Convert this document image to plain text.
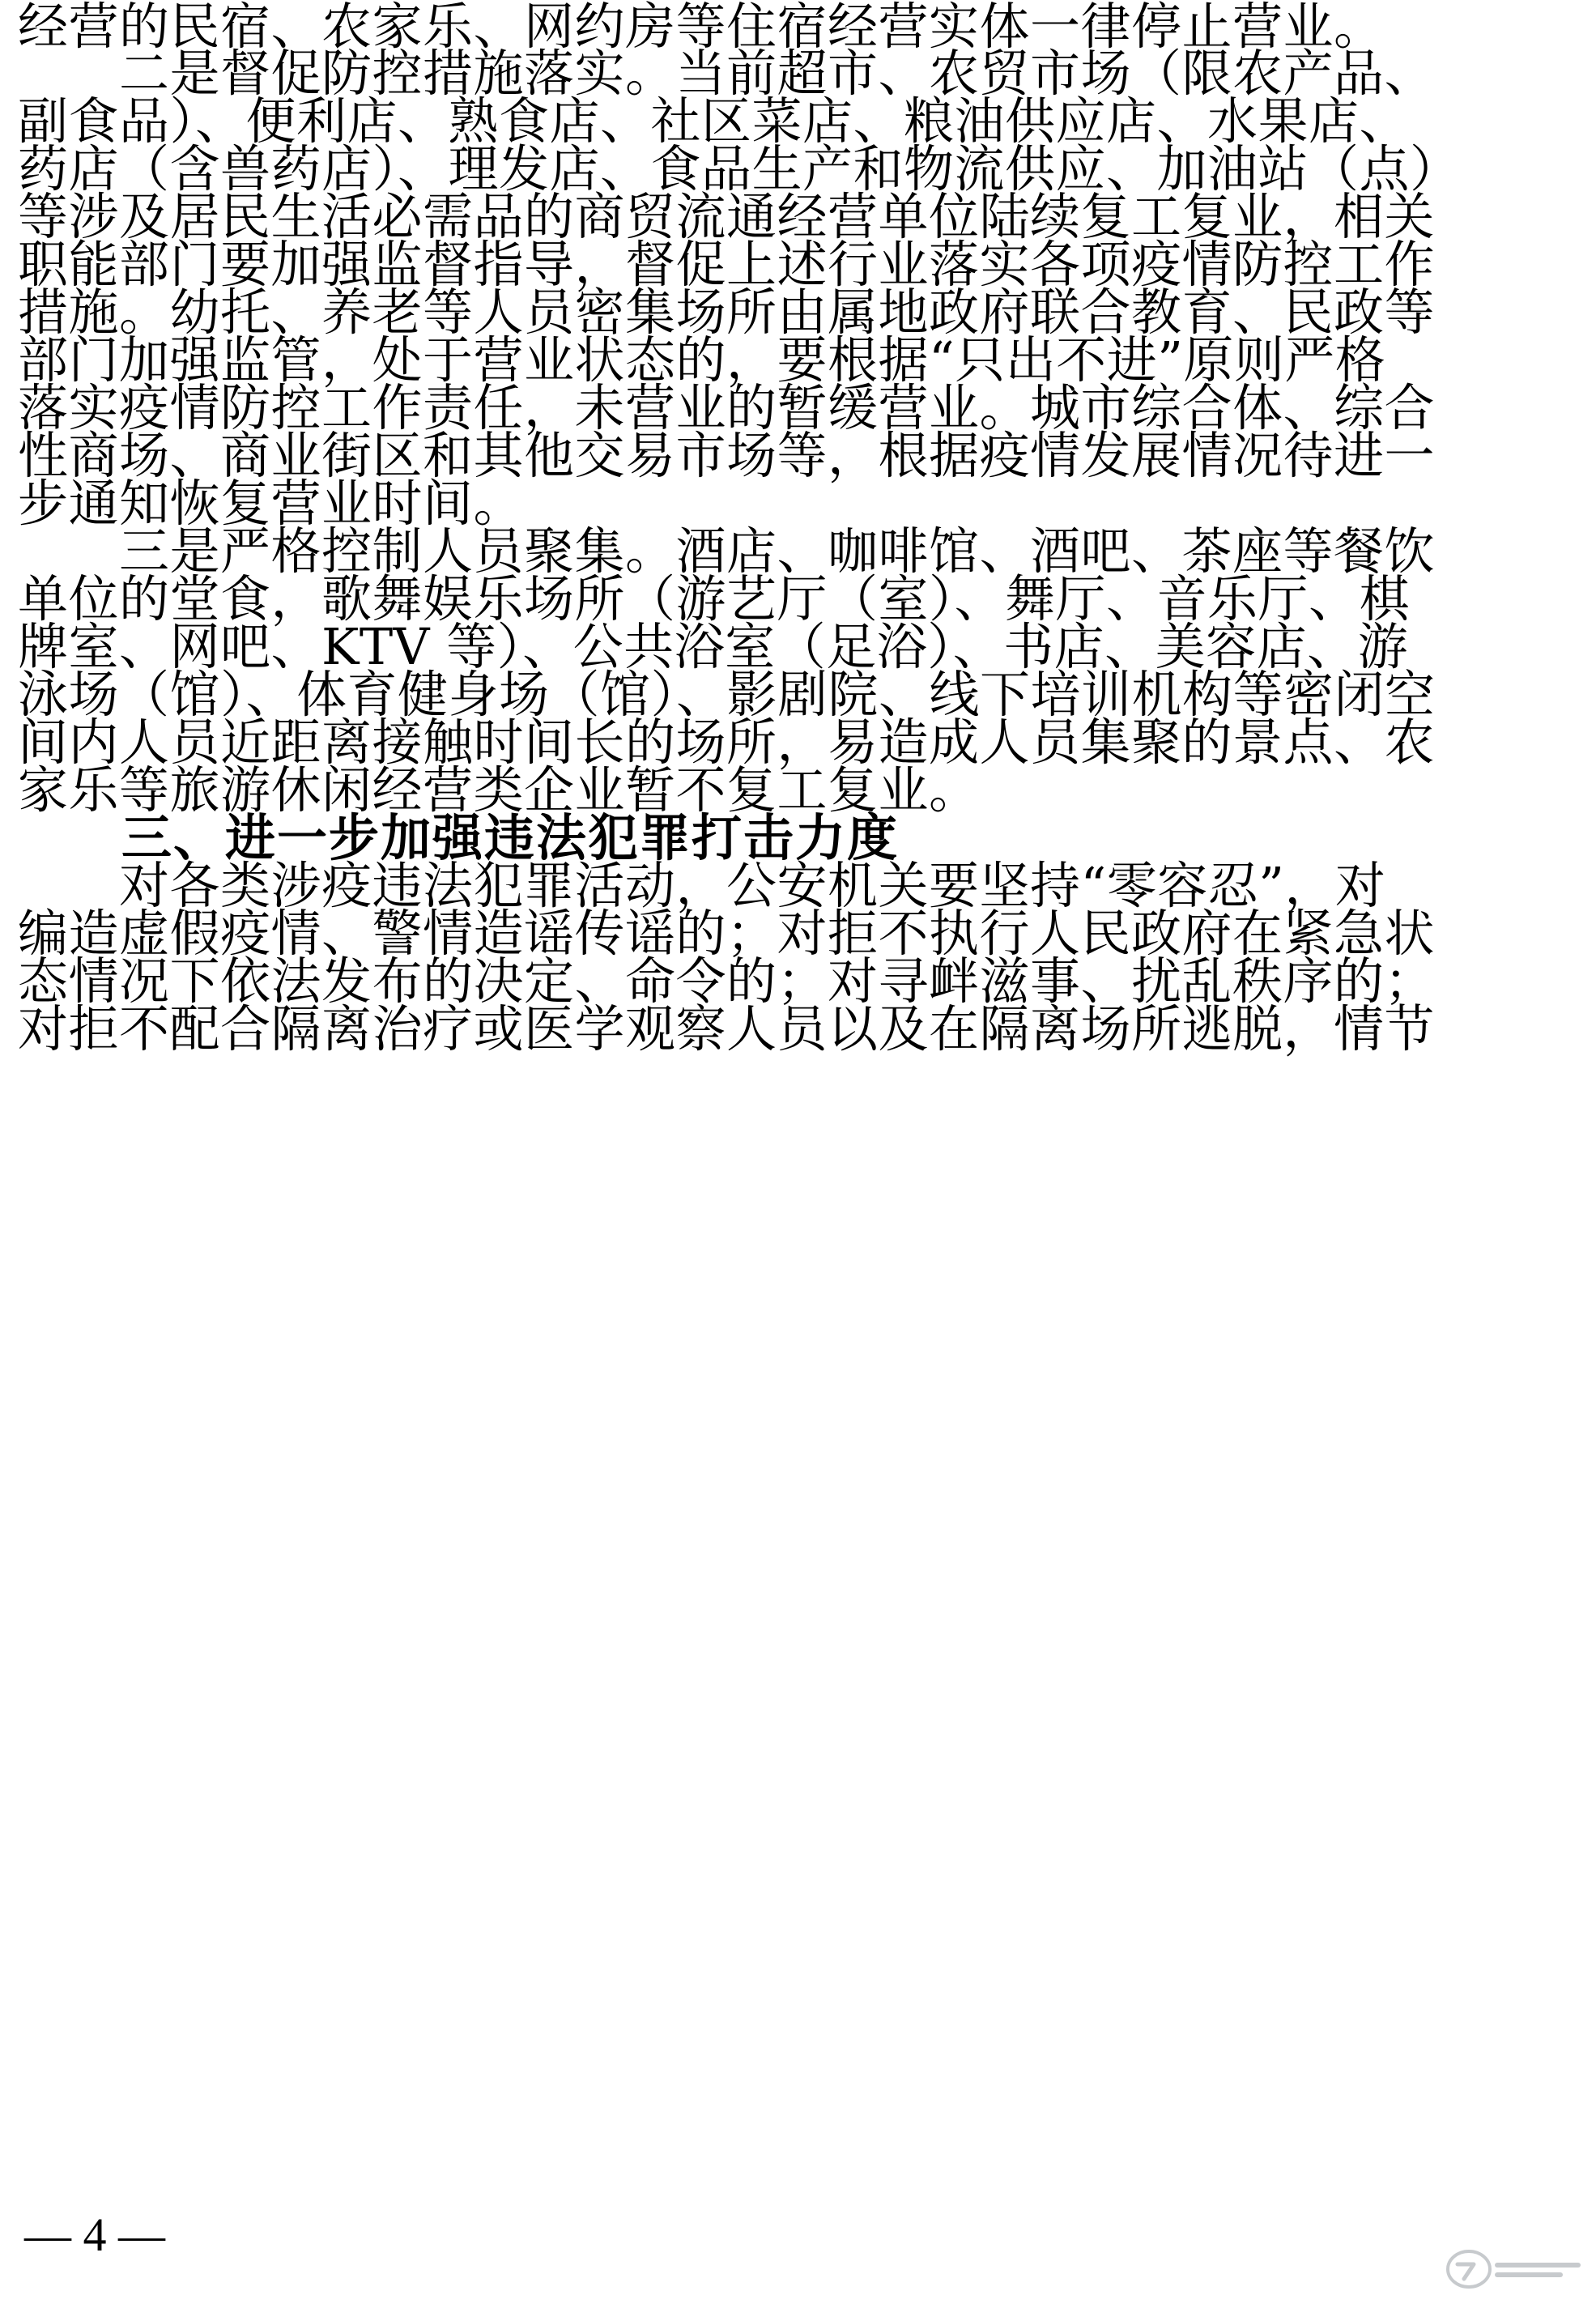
经营的民宿、农家乐、网约房等住宿经营实体一律停止营业。
　　二是督促防控措施落实。当前超市、农贸市场（限农产品、
副食品）、便利店、熟食店、社区菜店、粮油供应店、水果店、
药店（含兽药店）、理发店、食品生产和物流供应、加油站（点）
等涉及居民生活必需品的商贸流通经营单位陆续复工复业，相关
职能部门要加强监督指导，督促上述行业落实各项疫情防控工作
措施。幼托、养老等人员密集场所由属地政府联合教育、民政等
部门加强监管，处于营业状态的，要根据“只出不进”原则严格
落实疫情防控工作责任，未营业的暂缓营业。城市综合体、综合
性商场、商业街区和其他交易市场等，根据疫情发展情况待进一
步通知恢复营业时间。
　　三是严格控制人员聚集。酒店、咖啡馆、酒吧、茶座等餐饮
单位的堂食，歌舞娱乐场所（游艺厅（室）、舞厅、音乐厅、棋
牌室、网吧、KTV 等）、公共浴室（足浴）、书店、美容店、游
泳场（馆）、体育健身场（馆）、影剧院、线下培训机构等密闭空
间内人员近距离接触时间长的场所，易造成人员集聚的景点、农
家乐等旅游休闲经营类企业暂不复工复业。
　　三、进一步加强违法犯罪打击力度
　　对各类涉疫违法犯罪活动，公安机关要坚持“零容忍”，对
编造虚假疫情、警情造谣传谣的；对拒不执行人民政府在紧急状
态情况下依法发布的决定、命令的；对寻衅滋事、扰乱秩序的；
对拒不配合隔离治疗或医学观察人员以及在隔离场所逃脱，情节
— 4 —
